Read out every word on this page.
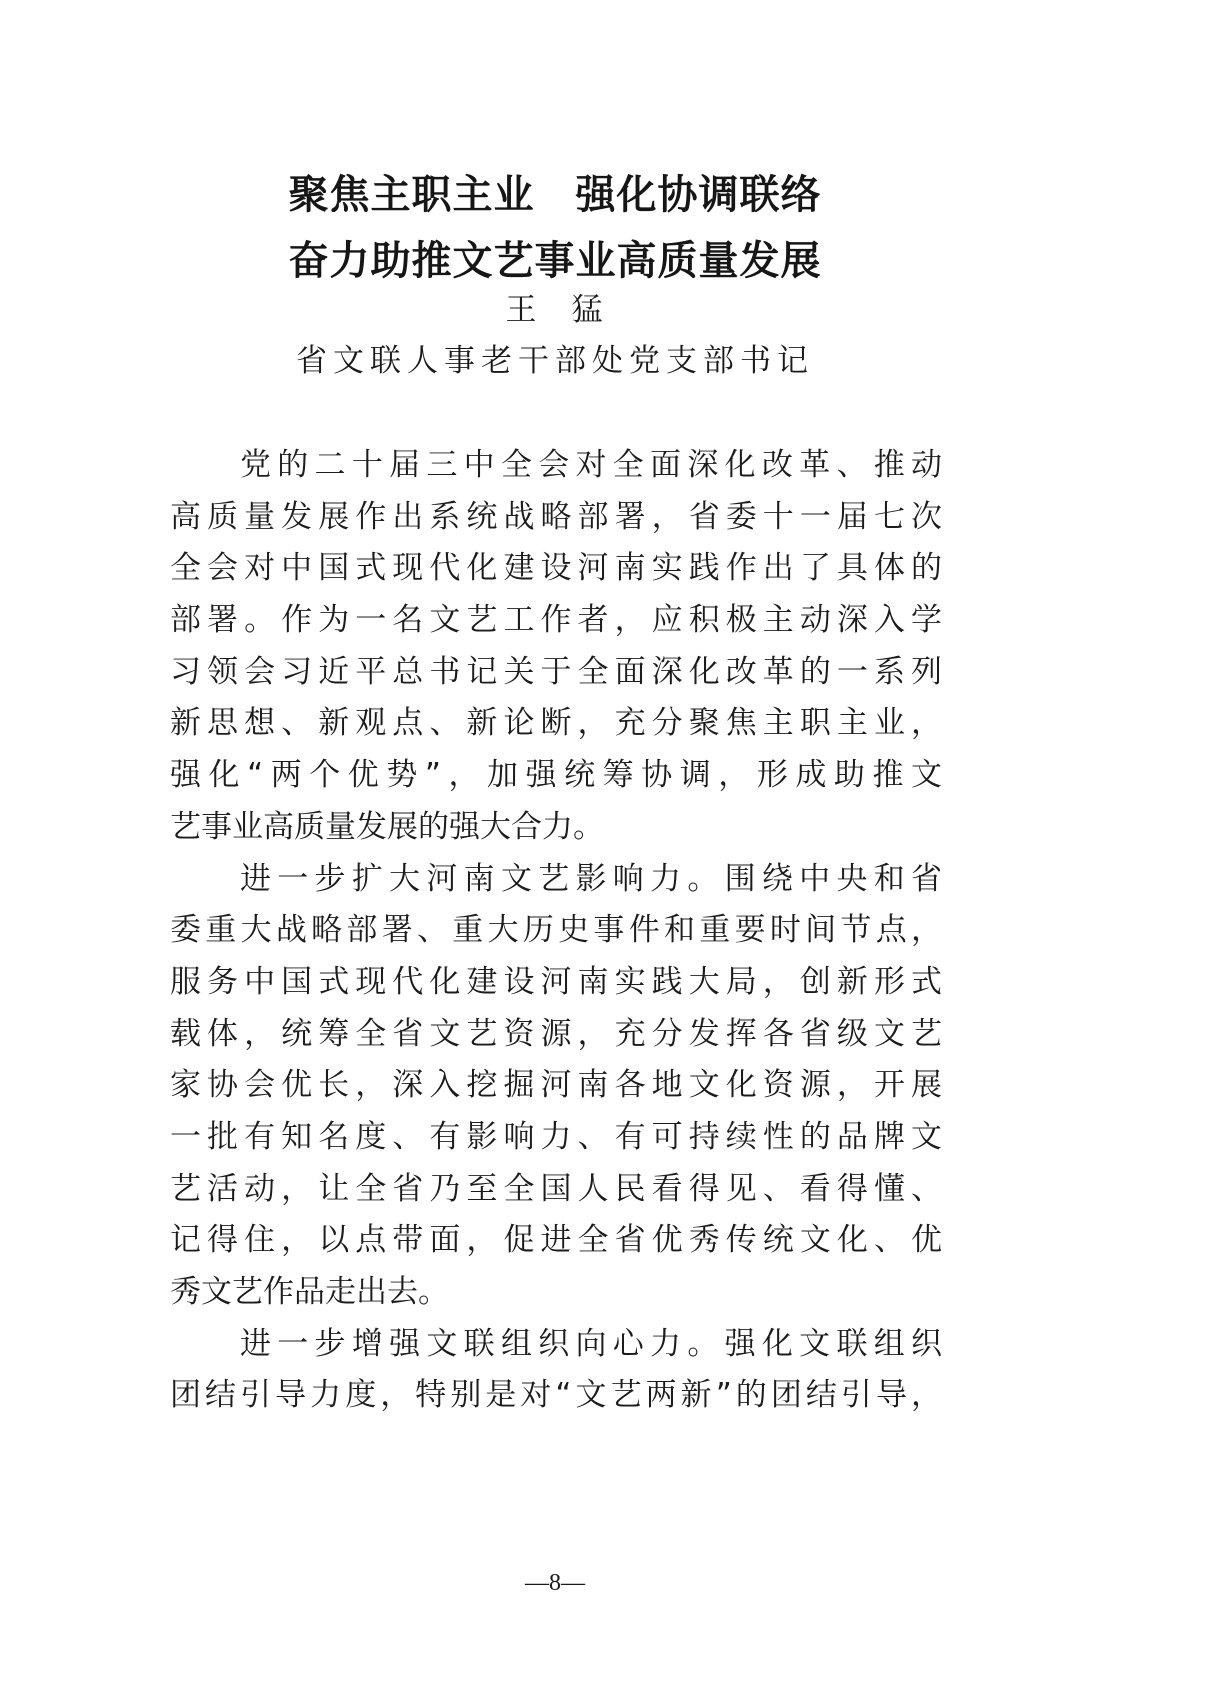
聚焦主职主业　强化协调联络
奋力助推文艺事业高质量发展
王　猛
省文联人事老干部处党支部书记
党的二十届三中全会对全面深化改革、推动
高质量发展作出系统战略部署，省委十一届七次
全会对中国式现代化建设河南实践作出了具体的
部署。作为一名文艺工作者，应积极主动深入学
习领会习近平总书记关于全面深化改革的一系列
新思想、新观点、新论断，充分聚焦主职主业，
强化“两个优势”，加强统筹协调，形成助推文
艺事业高质量发展的强大合力。
进一步扩大河南文艺影响力。围绕中央和省
委重大战略部署、重大历史事件和重要时间节点，
服务中国式现代化建设河南实践大局，创新形式
载体，统筹全省文艺资源，充分发挥各省级文艺
家协会优长，深入挖掘河南各地文化资源，开展
一批有知名度、有影响力、有可持续性的品牌文
艺活动，让全省乃至全国人民看得见、看得懂、
记得住，以点带面，促进全省优秀传统文化、优
秀文艺作品走出去。
进一步增强文联组织向心力。强化文联组织
团结引导力度，特别是对“文艺两新”的团结引导，
—8—
